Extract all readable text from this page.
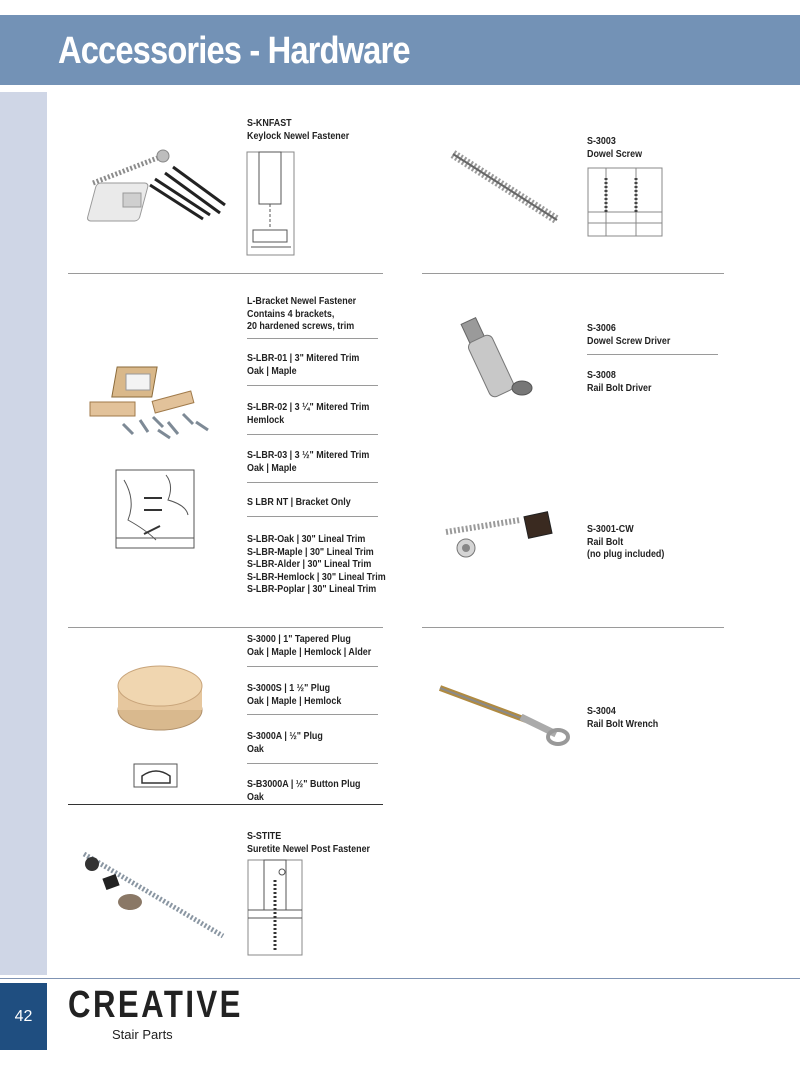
Accessories - Hardware
S-KNFAST
Keylock Newel Fastener	S-3003
Dowel Screw
L-Bracket Newel Fastener
Contains 4 brackets,
20 hardened screws, trim
S-LBR-01 | 3" Mitered Trim
Oak | Maple
S-LBR-02 | 3 ¼" Mitered Trim
Hemlock
S-LBR-03 | 3 ½" Mitered Trim
Oak | Maple
S LBR NT | Bracket Only
S-LBR-Oak | 30" Lineal Trim
S-LBR-Maple | 30" Lineal Trim
S-LBR-Alder | 30" Lineal Trim
S-LBR-Hemlock | 30" Lineal Trim
S-LBR-Poplar | 30" Lineal Trim
S-3006
Dowel Screw Driver
S-3008
Rail Bolt Driver
S-3001-CW
Rail Bolt
(no plug included)
S-3000 | 1" Tapered Plug
Oak | Maple | Hemlock | Alder
S-3000S | 1 ½" Plug
Oak | Maple | Hemlock
S-3000A | ½" Plug
Oak
S-B3000A | ½" Button Plug
Oak
S-3004
Rail Bolt Wrench
S-STITE
Suretite Newel Post Fastener
42 CREATIVE
Stair Parts
